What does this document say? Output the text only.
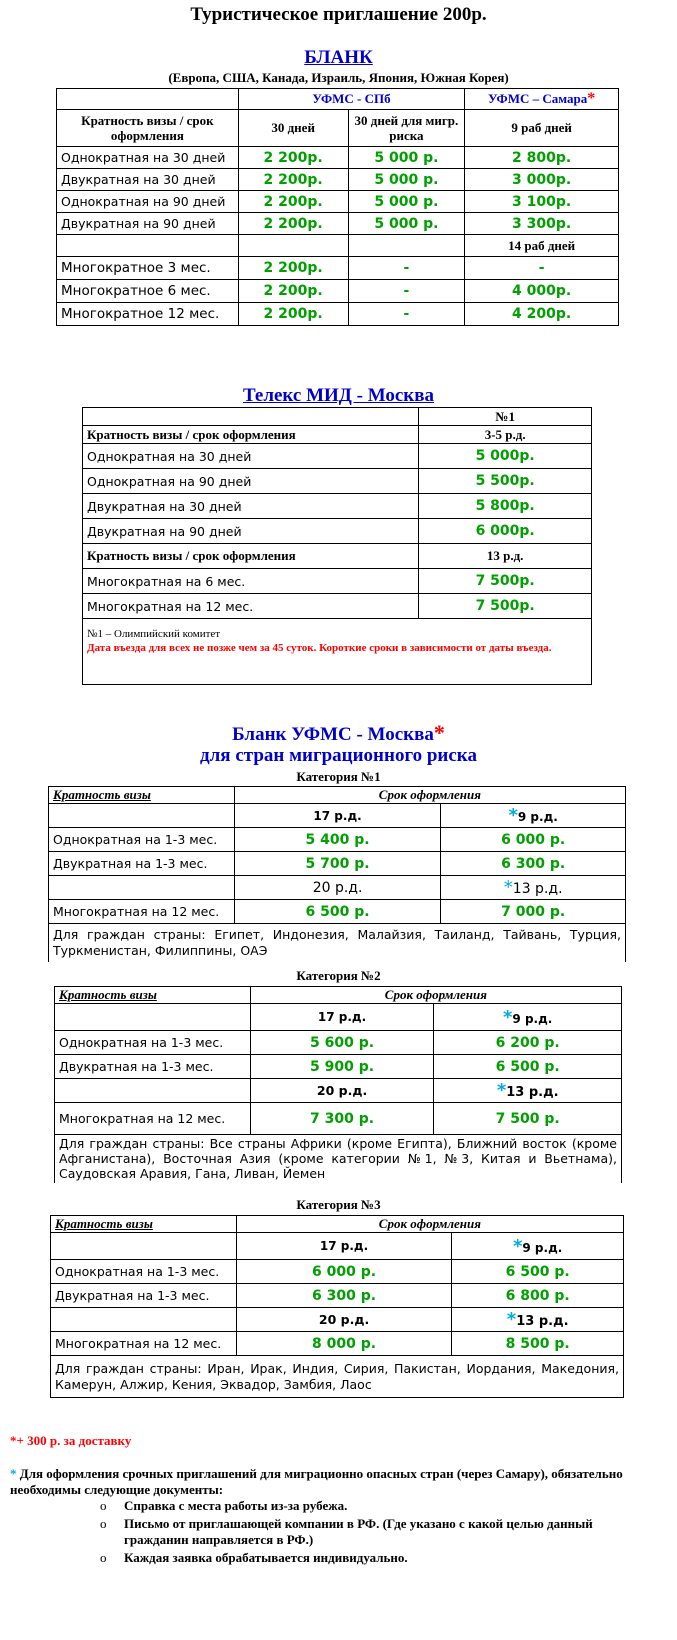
Туристическое приглашение 200р.
БЛАНК
(Европа, США, Канада, Израиль, Япония, Южная Корея)
	УФМС - СПб		УФМС – Самара*
Кратность визы / срок оформления	30 дней	30 дней для мигр. риска	9 раб дней
Однократная на 30 дней	2 200р.	5 000 р.	2 800р.
Двукратная на 30 дней	2 200р.	5 000 р.	3 000р.
Однократная на 90 дней	2 200р.	5 000 р.	3 100р.
Двукратная на 90 дней	2 200р.	5 000 р.	3 300р.
			14 раб дней
Многократное 3 мес.	2 200р.	-	-
Многократное 6 мес.	2 200р.	-	4 000р.
Многократное 12 мес.	2 200р.	-	4 200р.
Телекс МИД - Москва
	№1
Кратность визы / срок оформления	3-5 р.д.
Однократная на 30 дней	5 000р.
Однократная на 90 дней	5 500р.
Двукратная на 30 дней	5 800р.
Двукратная на 90 дней	6 000р.
Кратность визы / срок оформления	13 р.д.
Многократная на 6 мес.	7 500р.
Многократная на 12 мес.	7 500р.

№1 – Олимпийский комитет
Дата въезда для всех не позже чем за 45 суток. Короткие сроки в зависимости от даты въезда.	
Бланк УФМС - Москва*
для стран миграционного риска
Категория №1
Кратность визы	Срок оформления	
	17 р.д.	*9 р.д.
Однократная на 1-3 мес.	5 400 р.	6 000 р.
Двукратная на 1-3 мес.	5 700 р.	6 300 р.
	20 р.д.	*13 р.д.
Многократная на 12 мес.	6 500 р.	7 000 р.
Для граждан страны: Египет, Индонезия, Малайзия, Таиланд, Тайвань, Турция, Туркменистан, Филиппины, ОАЭ		
Категория №2
Кратность визы	Срок оформления	
	17 р.д.	*9 р.д.
Однократная на 1-3 мес.	5 600 р.	6 200 р.
Двукратная на 1-3 мес.	5 900 р.	6 500 р.
	20 р.д.	*13 р.д.
Многократная на 12 мес.	7 300 р.	7 500 р.
Для граждан страны: Все страны Африки (кроме Египта), Ближний восток (кроме Афганистана), Восточная Азия (кроме категории №1, №3, Китая и Вьетнама), Саудовская Аравия, Гана, Ливан, Йемен		
Категория №3
Кратность визы	Срок оформления	
	17 р.д.	*9 р.д.
Однократная на 1-3 мес.	6 000 р.	6 500 р.
Двукратная на 1-3 мес.	6 300 р.	6 800 р.
	20 р.д.	*13 р.д.
Многократная на 12 мес.	8 000 р.	8 500 р.
Для граждан страны: Иран, Ирак, Индия, Сирия, Пакистан, Иордания, Македония, Камерун, Алжир, Кения, Эквадор, Замбия, Лаос		
*+ 300 р. за доставку
* Для оформления срочных приглашений для миграционно опасных стран (через Самару), обязательно необходимы следующие документы:
o Справка с места работы из-за рубежа.
o Письмо от приглашающей компании в РФ. (Где указано с какой целью данный гражданин направляется в РФ.)
o Каждая заявка обрабатывается индивидуально.
